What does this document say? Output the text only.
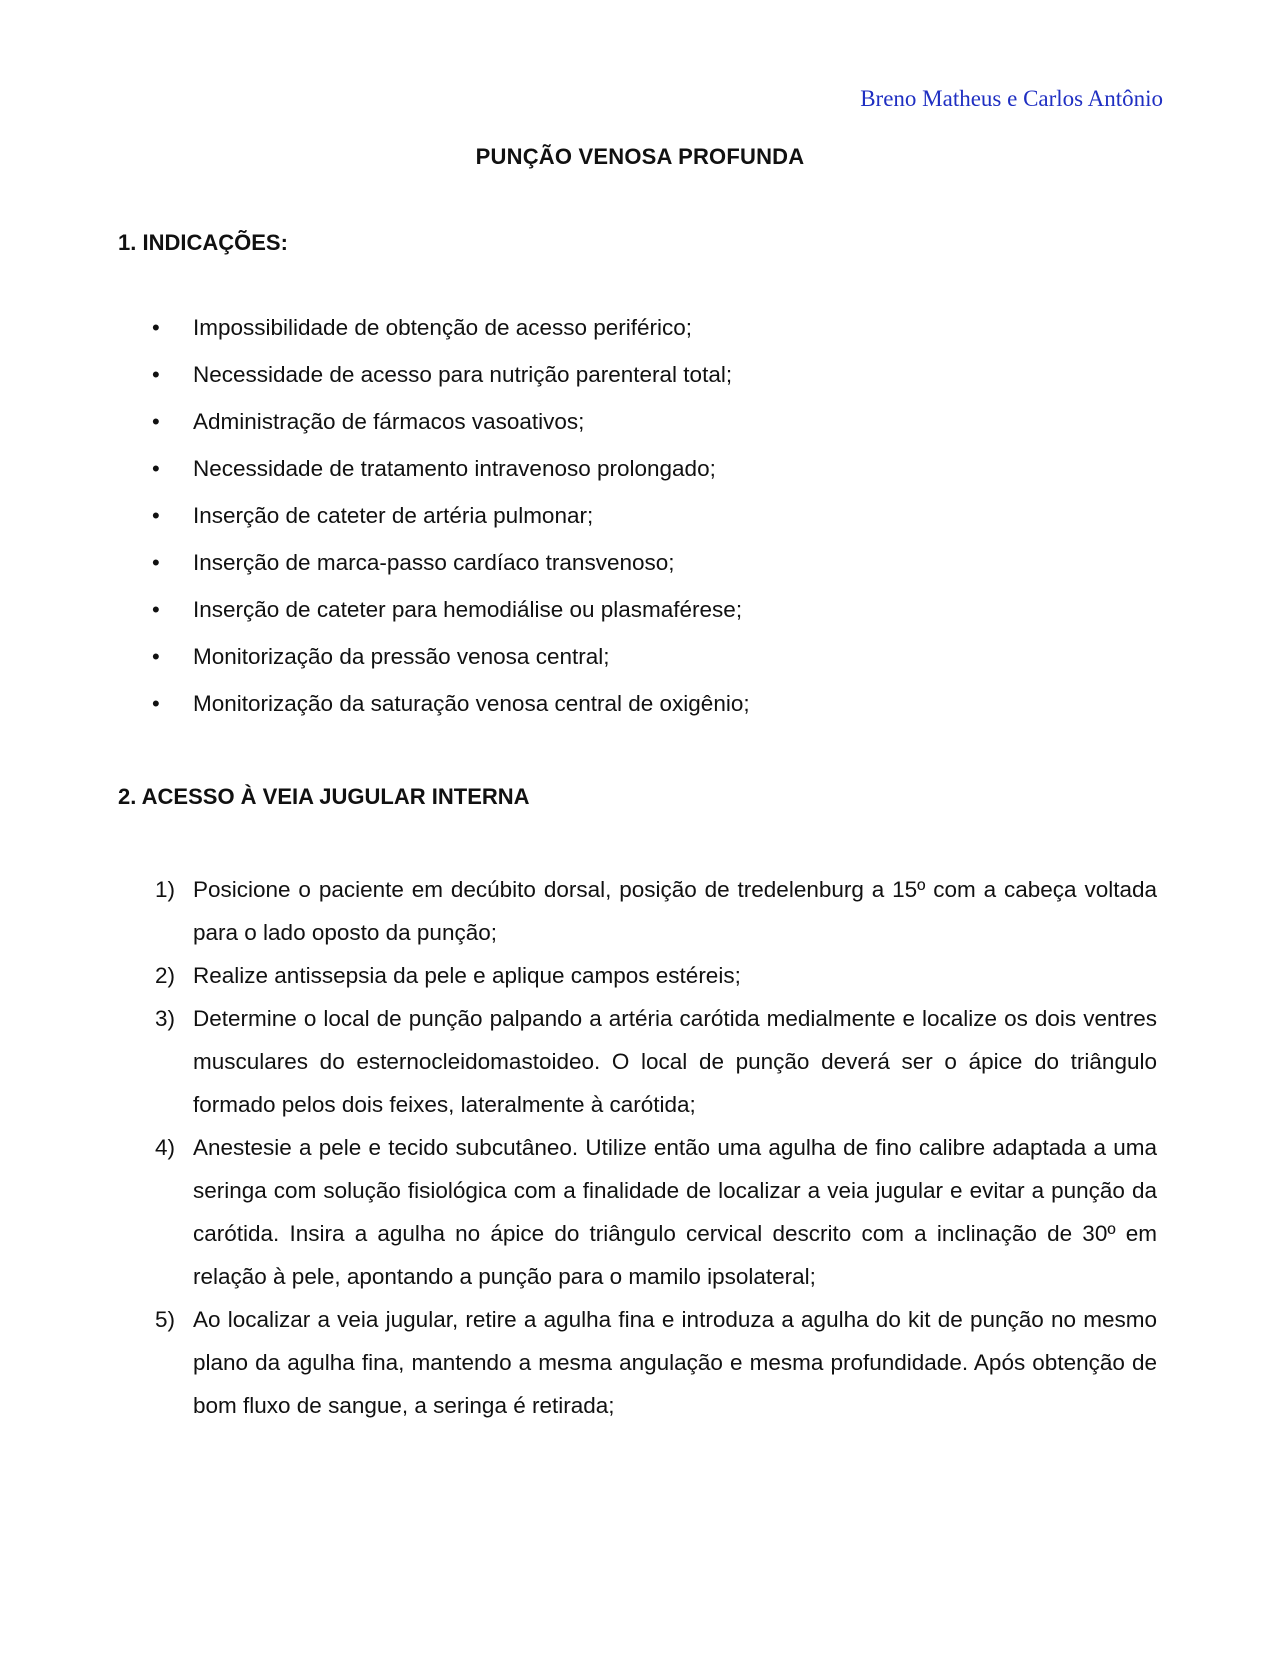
Breno Matheus e Carlos Antônio
PUNÇÃO VENOSA PROFUNDA
1. INDICAÇÕES:
• Impossibilidade de obtenção de acesso periférico;
• Necessidade de acesso para nutrição parenteral total;
• Administração de fármacos vasoativos;
• Necessidade de tratamento intravenoso prolongado;
• Inserção de cateter de artéria pulmonar;
• Inserção de marca-passo cardíaco transvenoso;
• Inserção de cateter para hemodiálise ou plasmaférese;
• Monitorização da pressão venosa central;
• Monitorização da saturação venosa central de oxigênio;
2. ACESSO À VEIA JUGULAR INTERNA
1) Posicione o paciente em decúbito dorsal, posição de tredelenburg a 15º com a cabeça voltada para o lado oposto da punção;
2) Realize antissepsia da pele e aplique campos estéreis;
3) Determine o local de punção palpando a artéria carótida medialmente e localize os dois ventres musculares do esternocleidomastoideo. O local de punção deverá ser o ápice do triângulo formado pelos dois feixes, lateralmente à carótida;
4) Anestesie a pele e tecido subcutâneo. Utilize então uma agulha de fino calibre adaptada a uma seringa com solução fisiológica com a finalidade de localizar a veia jugular e evitar a punção da carótida. Insira a agulha no ápice do triângulo cervical descrito com a inclinação de 30º em relação à pele, apontando a punção para o mamilo ipsolateral;
5) Ao localizar a veia jugular, retire a agulha fina e introduza a agulha do kit de punção no mesmo plano da agulha fina, mantendo a mesma angulação e mesma profundidade. Após obtenção de bom fluxo de sangue, a seringa é retirada;
